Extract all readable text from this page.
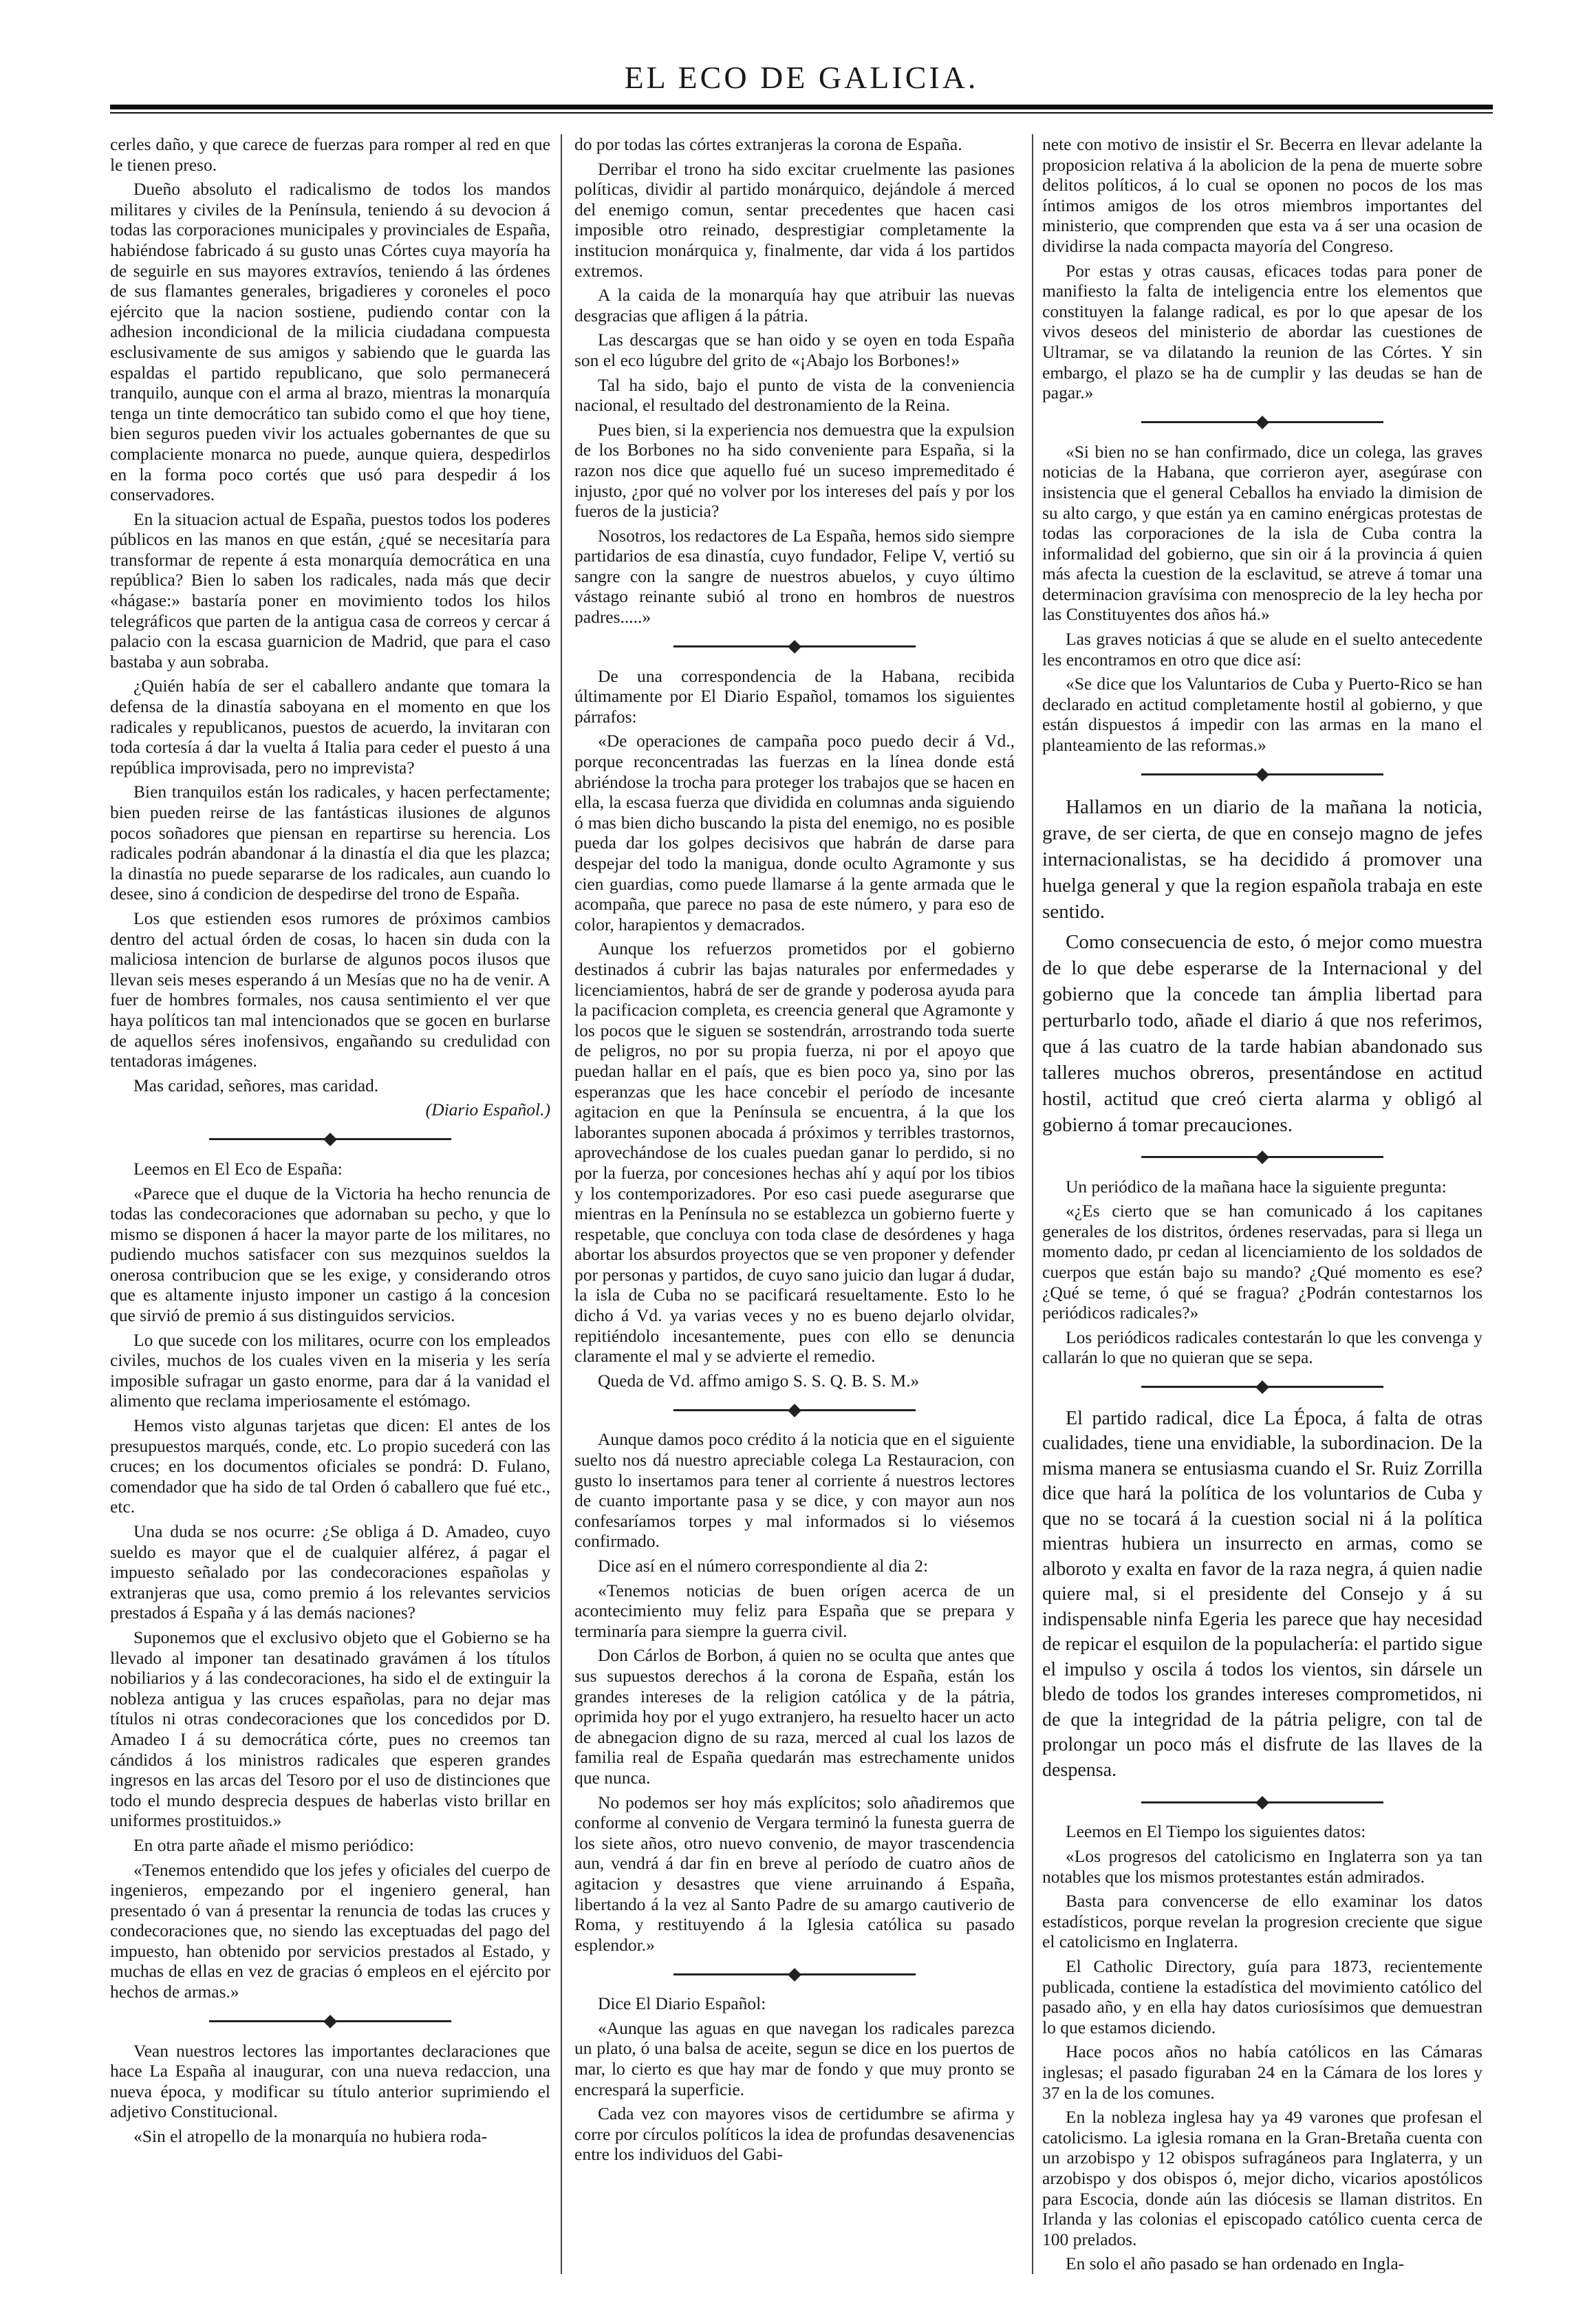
EL ECO DE GALICIA.

cerles daño, y que carece de fuerzas para romper al red en que le tienen preso.

Dueño absoluto el radicalismo de todos los mandos militares y civiles de la Península, teniendo á su devocion á todas las corporaciones municipales y provinciales de España, habiéndose fabricado á su gusto unas Córtes cuya mayoría ha de seguirle en sus mayores extravíos, teniendo á las órdenes de sus flamantes generales, brigadieres y coroneles el poco ejército que la nacion sostiene, pudiendo contar con la adhesion incondicional de la milicia ciudadana compuesta esclusivamente de sus amigos y sabiendo que le guarda las espaldas el partido republicano, que solo permanecerá tranquilo, aunque con el arma al brazo, mientras la monarquía tenga un tinte democrático tan subido como el que hoy tiene, bien seguros pueden vivir los actuales gobernantes de que su complaciente monarca no puede, aunque quiera, despedirlos en la forma poco cortés que usó para despedir á los conservadores.

En la situacion actual de España, puestos todos los poderes públicos en las manos en que están, ¿qué se necesitaría para transformar de repente á esta monarquía democrática en una república? Bien lo saben los radicales, nada más que decir «hágase:» bastaría poner en movimiento todos los hilos telegráficos que parten de la antigua casa de correos y cercar á palacio con la escasa guarnicion de Madrid, que para el caso bastaba y aun sobraba.

¿Quién había de ser el caballero andante que tomara la defensa de la dinastía saboyana en el momento en que los radicales y republicanos, puestos de acuerdo, la invitaran con toda cortesía á dar la vuelta á Italia para ceder el puesto á una república improvisada, pero no imprevista?

Bien tranquilos están los radicales, y hacen perfectamente; bien pueden reirse de las fantásticas ilusiones de algunos pocos soñadores que piensan en repartirse su herencia. Los radicales podrán abandonar á la dinastía el dia que les plazca; la dinastía no puede separarse de los radicales, aun cuando lo desee, sino á condicion de despedirse del trono de España.

Los que estienden esos rumores de próximos cambios dentro del actual órden de cosas, lo hacen sin duda con la maliciosa intencion de burlarse de algunos pocos ilusos que llevan seis meses esperando á un Mesías que no ha de venir. A fuer de hombres formales, nos causa sentimiento el ver que haya políticos tan mal intencionados que se gocen en burlarse de aquellos séres inofensivos, engañando su credulidad con tentadoras imágenes.

Mas caridad, señores, mas caridad.

(Diario Español.)

Leemos en El Eco de España:

«Parece que el duque de la Victoria ha hecho renuncia de todas las condecoraciones que adornaban su pecho, y que lo mismo se disponen á hacer la mayor parte de los militares, no pudiendo muchos satisfacer con sus mezquinos sueldos la onerosa contribucion que se les exige, y considerando otros que es altamente injusto imponer un castigo á la concesion que sirvió de premio á sus distinguidos servicios.

Lo que sucede con los militares, ocurre con los empleados civiles, muchos de los cuales viven en la miseria y les sería imposible sufragar un gasto enorme, para dar á la vanidad el alimento que reclama imperiosamente el estómago.

Hemos visto algunas tarjetas que dicen: El antes de los presupuestos marqués, conde, etc. Lo propio sucederá con las cruces; en los documentos oficiales se pondrá: D. Fulano, comendador que ha sido de tal Orden ó caballero que fué etc., etc.

Una duda se nos ocurre: ¿Se obliga á D. Amadeo, cuyo sueldo es mayor que el de cualquier alférez, á pagar el impuesto señalado por las condecoraciones españolas y extranjeras que usa, como premio á los relevantes servicios prestados á España y á las demás naciones?

Suponemos que el exclusivo objeto que el Gobierno se ha llevado al imponer tan desatinado gravámen á los títulos nobiliarios y á las condecoraciones, ha sido el de extinguir la nobleza antigua y las cruces españolas, para no dejar mas títulos ni otras condecoraciones que los concedidos por D. Amadeo I á su democrática córte, pues no creemos tan cándidos á los ministros radicales que esperen grandes ingresos en las arcas del Tesoro por el uso de distinciones que todo el mundo desprecia despues de haberlas visto brillar en uniformes prostituidos.»

En otra parte añade el mismo periódico:

«Tenemos entendido que los jefes y oficiales del cuerpo de ingenieros, empezando por el ingeniero general, han presentado ó van á presentar la renuncia de todas las cruces y condecoraciones que, no siendo las exceptuadas del pago del impuesto, han obtenido por servicios prestados al Estado, y muchas de ellas en vez de gracias ó empleos en el ejército por hechos de armas.»

Vean nuestros lectores las importantes declaraciones que hace La España al inaugurar, con una nueva redaccion, una nueva época, y modificar su título anterior suprimiendo el adjetivo Constitucional.

«Sin el atropello de la monarquía no hubiera roda-

do por todas las córtes extranjeras la corona de España.

Derribar el trono ha sido excitar cruelmente las pasiones políticas, dividir al partido monárquico, dejándole á merced del enemigo comun, sentar precedentes que hacen casi imposible otro reinado, desprestigiar completamente la institucion monárquica y, finalmente, dar vida á los partidos extremos.

A la caida de la monarquía hay que atribuir las nuevas desgracias que afligen á la pátria.

Las descargas que se han oido y se oyen en toda España son el eco lúgubre del grito de «¡Abajo los Borbones!»

Tal ha sido, bajo el punto de vista de la conveniencia nacional, el resultado del destronamiento de la Reina.

Pues bien, si la experiencia nos demuestra que la expulsion de los Borbones no ha sido conveniente para España, si la razon nos dice que aquello fué un suceso impremeditado é injusto, ¿por qué no volver por los intereses del país y por los fueros de la justicia?

Nosotros, los redactores de La España, hemos sido siempre partidarios de esa dinastía, cuyo fundador, Felipe V, vertió su sangre con la sangre de nuestros abuelos, y cuyo último vástago reinante subió al trono en hombros de nuestros padres.....»

De una correspondencia de la Habana, recibida últimamente por El Diario Español, tomamos los siguientes párrafos:

«De operaciones de campaña poco puedo decir á Vd., porque reconcentradas las fuerzas en la línea donde está abriéndose la trocha para proteger los trabajos que se hacen en ella, la escasa fuerza que dividida en columnas anda siguiendo ó mas bien dicho buscando la pista del enemigo, no es posible pueda dar los golpes decisivos que habrán de darse para despejar del todo la manigua, donde oculto Agramonte y sus cien guardias, como puede llamarse á la gente armada que le acompaña, que parece no pasa de este número, y para eso de color, harapientos y demacrados.

Aunque los refuerzos prometidos por el gobierno destinados á cubrir las bajas naturales por enfermedades y licenciamientos, habrá de ser de grande y poderosa ayuda para la pacificacion completa, es creencia general que Agramonte y los pocos que le siguen se sostendrán, arrostrando toda suerte de peligros, no por su propia fuerza, ni por el apoyo que puedan hallar en el país, que es bien poco ya, sino por las esperanzas que les hace concebir el período de incesante agitacion en que la Península se encuentra, á la que los laborantes suponen abocada á próximos y terribles trastornos, aprovechándose de los cuales puedan ganar lo perdido, si no por la fuerza, por concesiones hechas ahí y aquí por los tibios y los contemporizadores. Por eso casi puede asegurarse que mientras en la Península no se establezca un gobierno fuerte y respetable, que concluya con toda clase de desórdenes y haga abortar los absurdos proyectos que se ven proponer y defender por personas y partidos, de cuyo sano juicio dan lugar á dudar, la isla de Cuba no se pacificará resueltamente. Esto lo he dicho á Vd. ya varias veces y no es bueno dejarlo olvidar, repitiéndolo incesantemente, pues con ello se denuncia claramente el mal y se advierte el remedio.

Queda de Vd. affmo amigo S. S. Q. B. S. M.»

Aunque damos poco crédito á la noticia que en el siguiente suelto nos dá nuestro apreciable colega La Restauracion, con gusto lo insertamos para tener al corriente á nuestros lectores de cuanto importante pasa y se dice, y con mayor aun nos confesaríamos torpes y mal informados si lo viésemos confirmado.

Dice así en el número correspondiente al dia 2:

«Tenemos noticias de buen orígen acerca de un acontecimiento muy feliz para España que se prepara y terminaría para siempre la guerra civil.

Don Cárlos de Borbon, á quien no se oculta que antes que sus supuestos derechos á la corona de España, están los grandes intereses de la religion católica y de la pátria, oprimida hoy por el yugo extranjero, ha resuelto hacer un acto de abnegacion digno de su raza, merced al cual los lazos de familia real de España quedarán mas estrechamente unidos que nunca.

No podemos ser hoy más explícitos; solo añadiremos que conforme al convenio de Vergara terminó la funesta guerra de los siete años, otro nuevo convenio, de mayor trascendencia aun, vendrá á dar fin en breve al período de cuatro años de agitacion y desastres que viene arruinando á España, libertando á la vez al Santo Padre de su amargo cautiverio de Roma, y restituyendo á la Iglesia católica su pasado esplendor.»

Dice El Diario Español:

«Aunque las aguas en que navegan los radicales parezca un plato, ó una balsa de aceite, segun se dice en los puertos de mar, lo cierto es que hay mar de fondo y que muy pronto se encrespará la superficie.

Cada vez con mayores visos de certidumbre se afirma y corre por círculos políticos la idea de profundas desavenencias entre los individuos del Gabi-

nete con motivo de insistir el Sr. Becerra en llevar adelante la proposicion relativa á la abolicion de la pena de muerte sobre delitos políticos, á lo cual se oponen no pocos de los mas íntimos amigos de los otros miembros importantes del ministerio, que comprenden que esta va á ser una ocasion de dividirse la nada compacta mayoría del Congreso.

Por estas y otras causas, eficaces todas para poner de manifiesto la falta de inteligencia entre los elementos que constituyen la falange radical, es por lo que apesar de los vivos deseos del ministerio de abordar las cuestiones de Ultramar, se va dilatando la reunion de las Córtes. Y sin embargo, el plazo se ha de cumplir y las deudas se han de pagar.»

«Si bien no se han confirmado, dice un colega, las graves noticias de la Habana, que corrieron ayer, asegúrase con insistencia que el general Ceballos ha enviado la dimision de su alto cargo, y que están ya en camino enérgicas protestas de todas las corporaciones de la isla de Cuba contra la informalidad del gobierno, que sin oir á la provincia á quien más afecta la cuestion de la esclavitud, se atreve á tomar una determinacion gravísima con menosprecio de la ley hecha por las Constituyentes dos años há.»

Las graves noticias á que se alude en el suelto antecedente les encontramos en otro que dice así:

«Se dice que los Valuntarios de Cuba y Puerto-Rico se han declarado en actitud completamente hostil al gobierno, y que están dispuestos á impedir con las armas en la mano el planteamiento de las reformas.»

Hallamos en un diario de la mañana la noticia, grave, de ser cierta, de que en consejo magno de jefes internacionalistas, se ha decidido á promover una huelga general y que la region española trabaja en este sentido.

Como consecuencia de esto, ó mejor como muestra de lo que debe esperarse de la Internacional y del gobierno que la concede tan ámplia libertad para perturbarlo todo, añade el diario á que nos referimos, que á las cuatro de la tarde habian abandonado sus talleres muchos obreros, presentándose en actitud hostil, actitud que creó cierta alarma y obligó al gobierno á tomar precauciones.

Un periódico de la mañana hace la siguiente pregunta:

«¿Es cierto que se han comunicado á los capitanes generales de los distritos, órdenes reservadas, para si llega un momento dado, pr cedan al licenciamiento de los soldados de cuerpos que están bajo su mando? ¿Qué momento es ese? ¿Qué se teme, ó qué se fragua? ¿Podrán contestarnos los periódicos radicales?»

Los periódicos radicales contestarán lo que les convenga y callarán lo que no quieran que se sepa.

El partido radical, dice La Época, á falta de otras cualidades, tiene una envidiable, la subordinacion. De la misma manera se entusiasma cuando el Sr. Ruiz Zorrilla dice que hará la política de los voluntarios de Cuba y que no se tocará á la cuestion social ni á la política mientras hubiera un insurrecto en armas, como se alboroto y exalta en favor de la raza negra, á quien nadie quiere mal, si el presidente del Consejo y á su indispensable ninfa Egeria les parece que hay necesidad de repicar el esquilon de la populachería: el partido sigue el impulso y oscila á todos los vientos, sin dársele un bledo de todos los grandes intereses comprometidos, ni de que la integridad de la pátria peligre, con tal de prolongar un poco más el disfrute de las llaves de la despensa.

Leemos en El Tiempo los siguientes datos:

«Los progresos del catolicismo en Inglaterra son ya tan notables que los mismos protestantes están admirados.

Basta para convencerse de ello examinar los datos estadísticos, porque revelan la progresion creciente que sigue el catolicismo en Inglaterra.

El Catholic Directory, guía para 1873, recientemente publicada, contiene la estadística del movimiento católico del pasado año, y en ella hay datos curiosísimos que demuestran lo que estamos diciendo.

Hace pocos años no había católicos en las Cámaras inglesas; el pasado figuraban 24 en la Cámara de los lores y 37 en la de los comunes.

En la nobleza inglesa hay ya 49 varones que profesan el catolicismo. La iglesia romana en la Gran-Bretaña cuenta con un arzobispo y 12 obispos sufragáneos para Inglaterra, y un arzobispo y dos obispos ó, mejor dicho, vicarios apostólicos para Escocia, donde aún las diócesis se llaman distritos. En Irlanda y las colonias el episcopado católico cuenta cerca de 100 prelados.

En solo el año pasado se han ordenado en Ingla-
